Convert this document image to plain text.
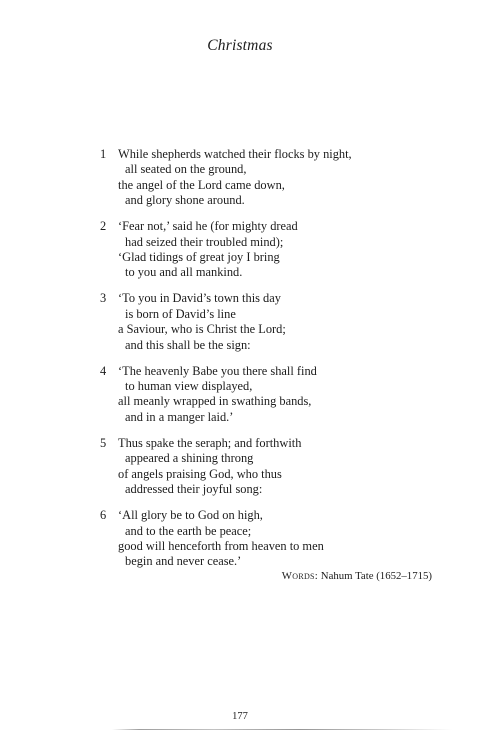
Christmas
1 While shepherds watched their flocks by night,
all seated on the ground,
the angel of the Lord came down,
and glory shone around.
2 ‘Fear not,’ said he (for mighty dread
had seized their troubled mind);
‘Glad tidings of great joy I bring
to you and all mankind.
3 ‘To you in David’s town this day
is born of David’s line
a Saviour, who is Christ the Lord;
and this shall be the sign:
4 ‘The heavenly Babe you there shall find
to human view displayed,
all meanly wrapped in swathing bands,
and in a manger laid.’
5 Thus spake the seraph; and forthwith
appeared a shining throng
of angels praising God, who thus
addressed their joyful song:
6 ‘All glory be to God on high,
and to the earth be peace;
good will henceforth from heaven to men
begin and never cease.’
Words: Nahum Tate (1652–1715)
177
